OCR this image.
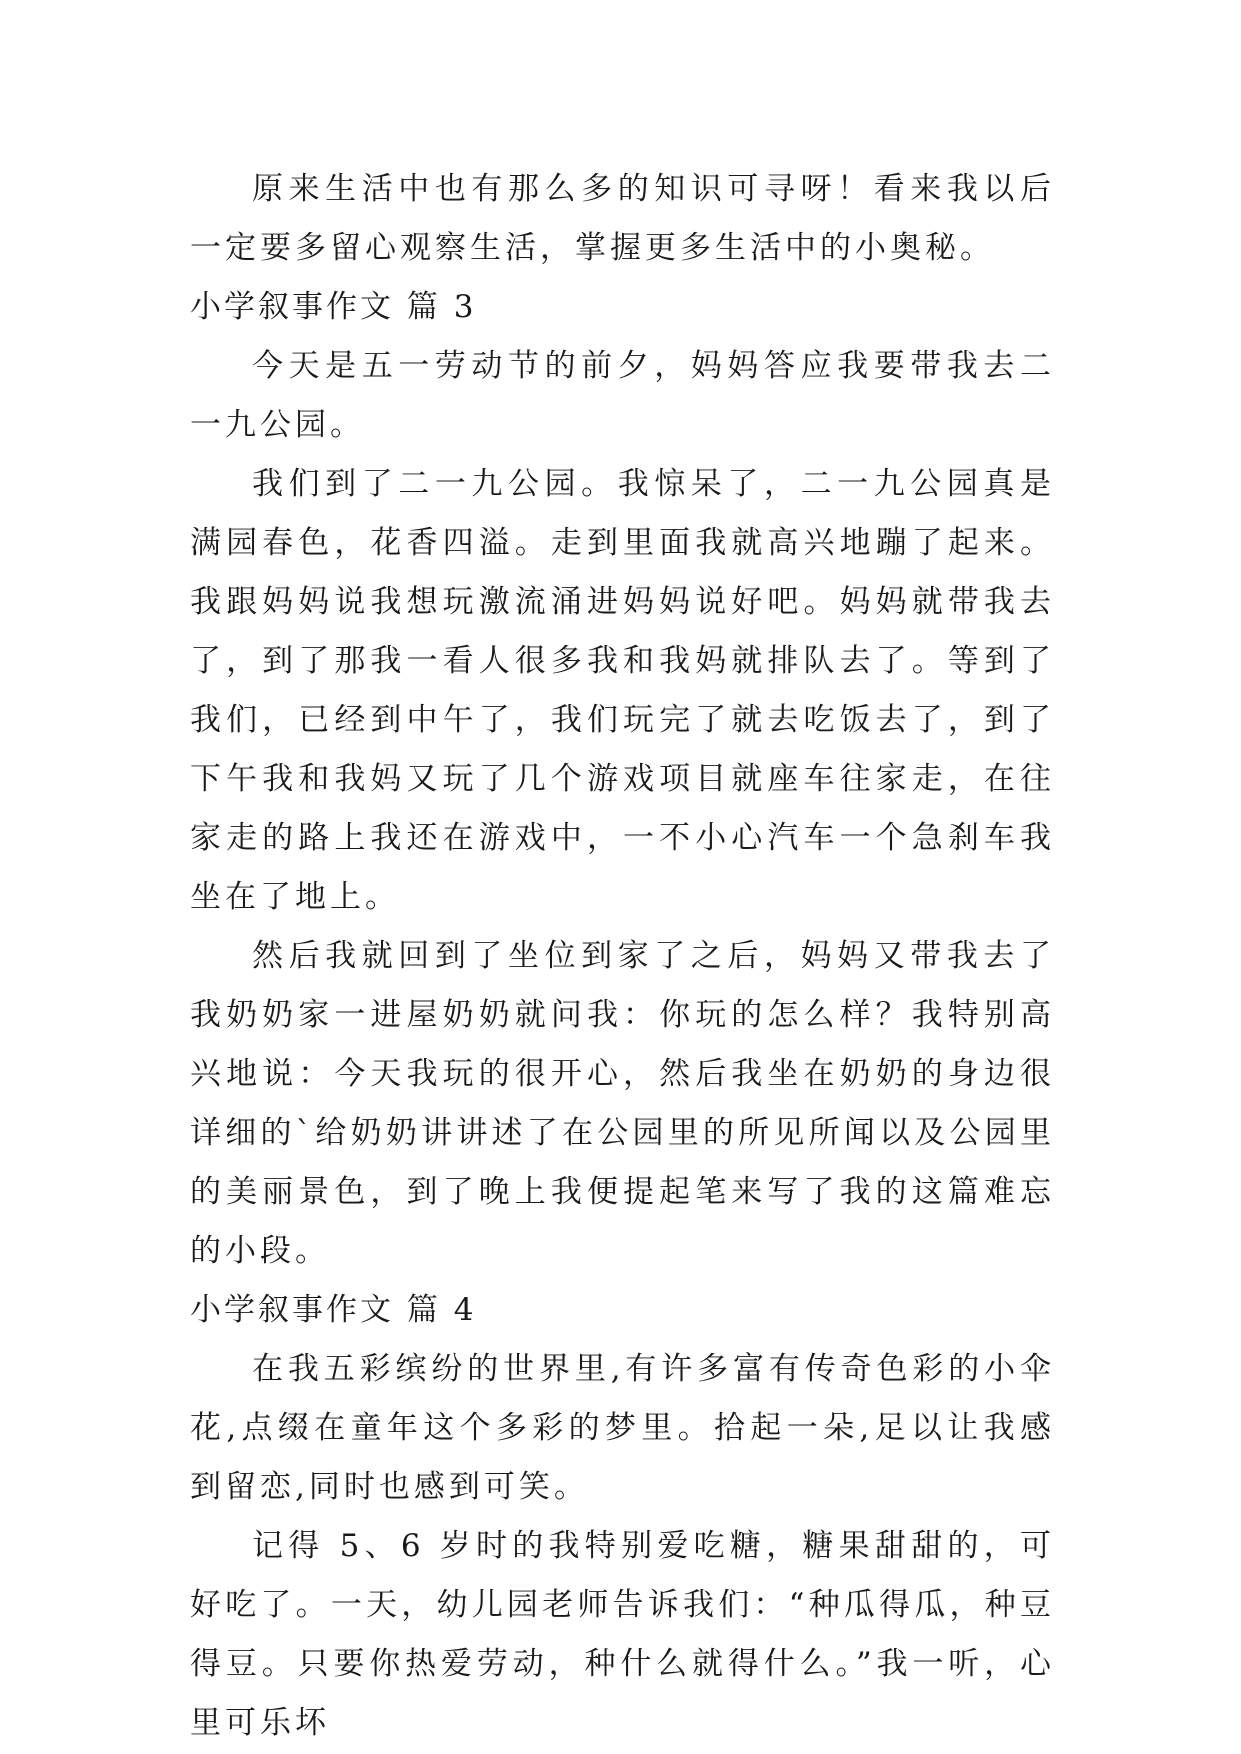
原来生活中也有那么多的知识可寻呀！看来我以后一定要多留心观察生活，掌握更多生活中的小奥秘。

小学叙事作文 篇 3

今天是五一劳动节的前夕，妈妈答应我要带我去二一九公园。

我们到了二一九公园。我惊呆了，二一九公园真是满园春色，花香四溢。走到里面我就高兴地蹦了起来。我跟妈妈说我想玩激流涌进妈妈说好吧。妈妈就带我去了，到了那我一看人很多我和我妈就排队去了。等到了我们，已经到中午了，我们玩完了就去吃饭去了，到了下午我和我妈又玩了几个游戏项目就座车往家走，在往家走的路上我还在游戏中，一不小心汽车一个急刹车我坐在了地上。

然后我就回到了坐位到家了之后，妈妈又带我去了我奶奶家一进屋奶奶就问我：你玩的怎么样？我特别高兴地说：今天我玩的很开心，然后我坐在奶奶的身边很详细的`给奶奶讲讲述了在公园里的所见所闻以及公园里的美丽景色，到了晚上我便提起笔来写了我的这篇难忘的小段。

小学叙事作文 篇 4

在我五彩缤纷的世界里,有许多富有传奇色彩的小伞花,点缀在童年这个多彩的梦里。拾起一朵,足以让我感到留恋,同时也感到可笑。

记得 5、6 岁时的我特别爱吃糖，糖果甜甜的，可好吃了。一天，幼儿园老师告诉我们：“种瓜得瓜，种豆得豆。只要你热爱劳动，种什么就得什么。”我一听，心里可乐坏
